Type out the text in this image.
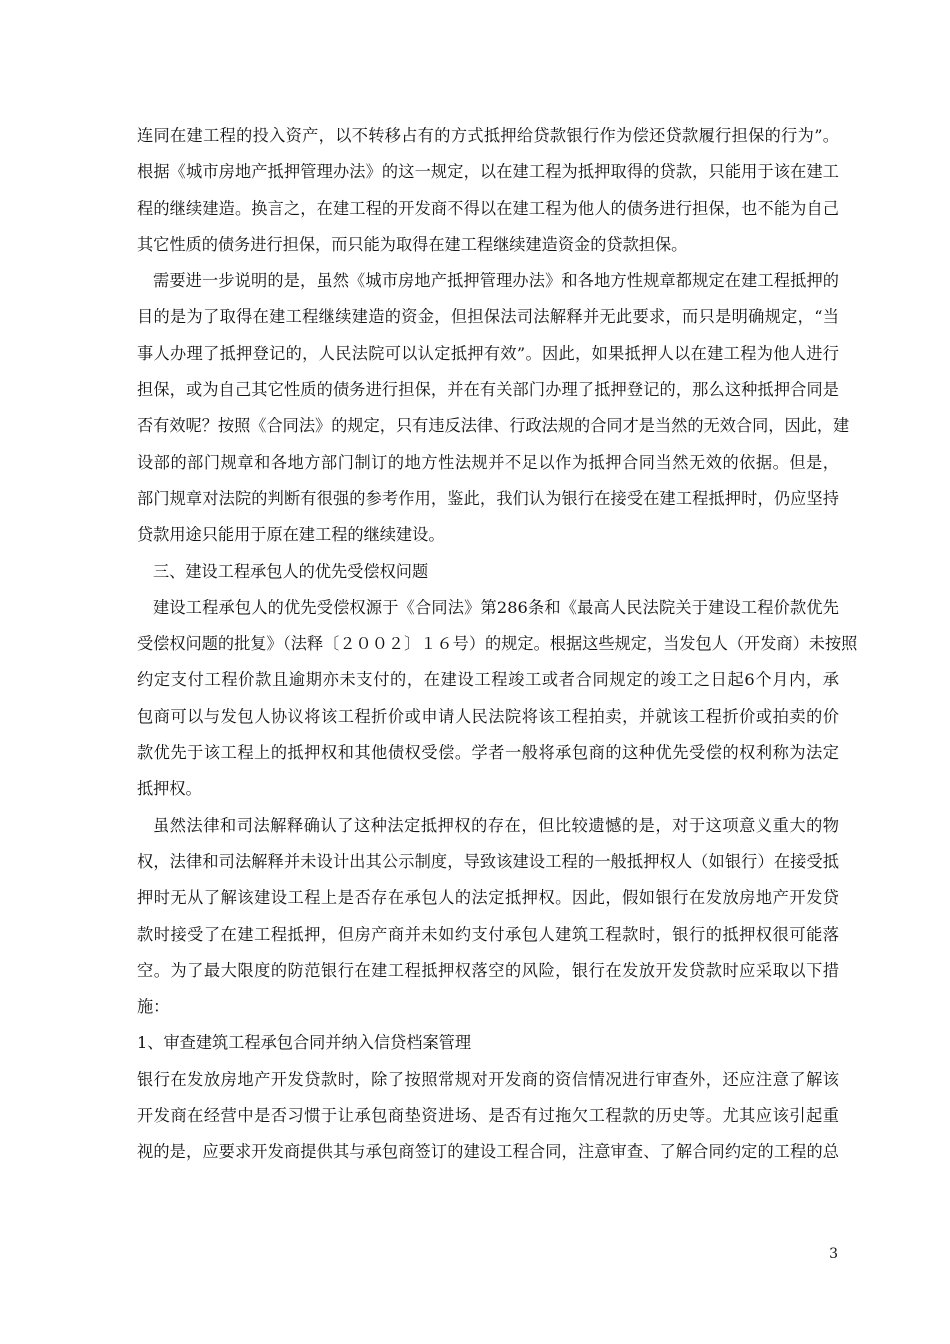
连同在建工程的投入资产，以不转移占有的方式抵押给贷款银行作为偿还贷款履行担保的行为”。
根据《城市房地产抵押管理办法》的这一规定，以在建工程为抵押取得的贷款，只能用于该在建工
程的继续建造。换言之，在建工程的开发商不得以在建工程为他人的债务进行担保，也不能为自己
其它性质的债务进行担保，而只能为取得在建工程继续建造资金的贷款担保。
需要进一步说明的是，虽然《城市房地产抵押管理办法》和各地方性规章都规定在建工程抵押的
目的是为了取得在建工程继续建造的资金，但担保法司法解释并无此要求，而只是明确规定，“当
事人办理了抵押登记的，人民法院可以认定抵押有效”。因此，如果抵押人以在建工程为他人进行
担保，或为自己其它性质的债务进行担保，并在有关部门办理了抵押登记的，那么这种抵押合同是
否有效呢？按照《合同法》的规定，只有违反法律、行政法规的合同才是当然的无效合同，因此，建
设部的部门规章和各地方部门制订的地方性法规并不足以作为抵押合同当然无效的依据。但是，
部门规章对法院的判断有很强的参考作用，鉴此，我们认为银行在接受在建工程抵押时，仍应坚持
贷款用途只能用于原在建工程的继续建设。
三、建设工程承包人的优先受偿权问题
建设工程承包人的优先受偿权源于《合同法》第286条和《最高人民法院关于建设工程价款优先
受偿权问题的批复》（法释〔２００２〕１６号）的规定。根据这些规定，当发包人（开发商）未按照
约定支付工程价款且逾期亦未支付的，在建设工程竣工或者合同规定的竣工之日起6个月内，承
包商可以与发包人协议将该工程折价或申请人民法院将该工程拍卖，并就该工程折价或拍卖的价
款优先于该工程上的抵押权和其他债权受偿。学者一般将承包商的这种优先受偿的权利称为法定
抵押权。
虽然法律和司法解释确认了这种法定抵押权的存在，但比较遗憾的是，对于这项意义重大的物
权，法律和司法解释并未设计出其公示制度，导致该建设工程的一般抵押权人（如银行）在接受抵
押时无从了解该建设工程上是否存在承包人的法定抵押权。因此，假如银行在发放房地产开发贷
款时接受了在建工程抵押，但房产商并未如约支付承包人建筑工程款时，银行的抵押权很可能落
空。为了最大限度的防范银行在建工程抵押权落空的风险，银行在发放开发贷款时应采取以下措
施：
1、审查建筑工程承包合同并纳入信贷档案管理
银行在发放房地产开发贷款时，除了按照常规对开发商的资信情况进行审查外，还应注意了解该
开发商在经营中是否习惯于让承包商垫资进场、是否有过拖欠工程款的历史等。尤其应该引起重
视的是，应要求开发商提供其与承包商签订的建设工程合同，注意审查、了解合同约定的工程的总
3
